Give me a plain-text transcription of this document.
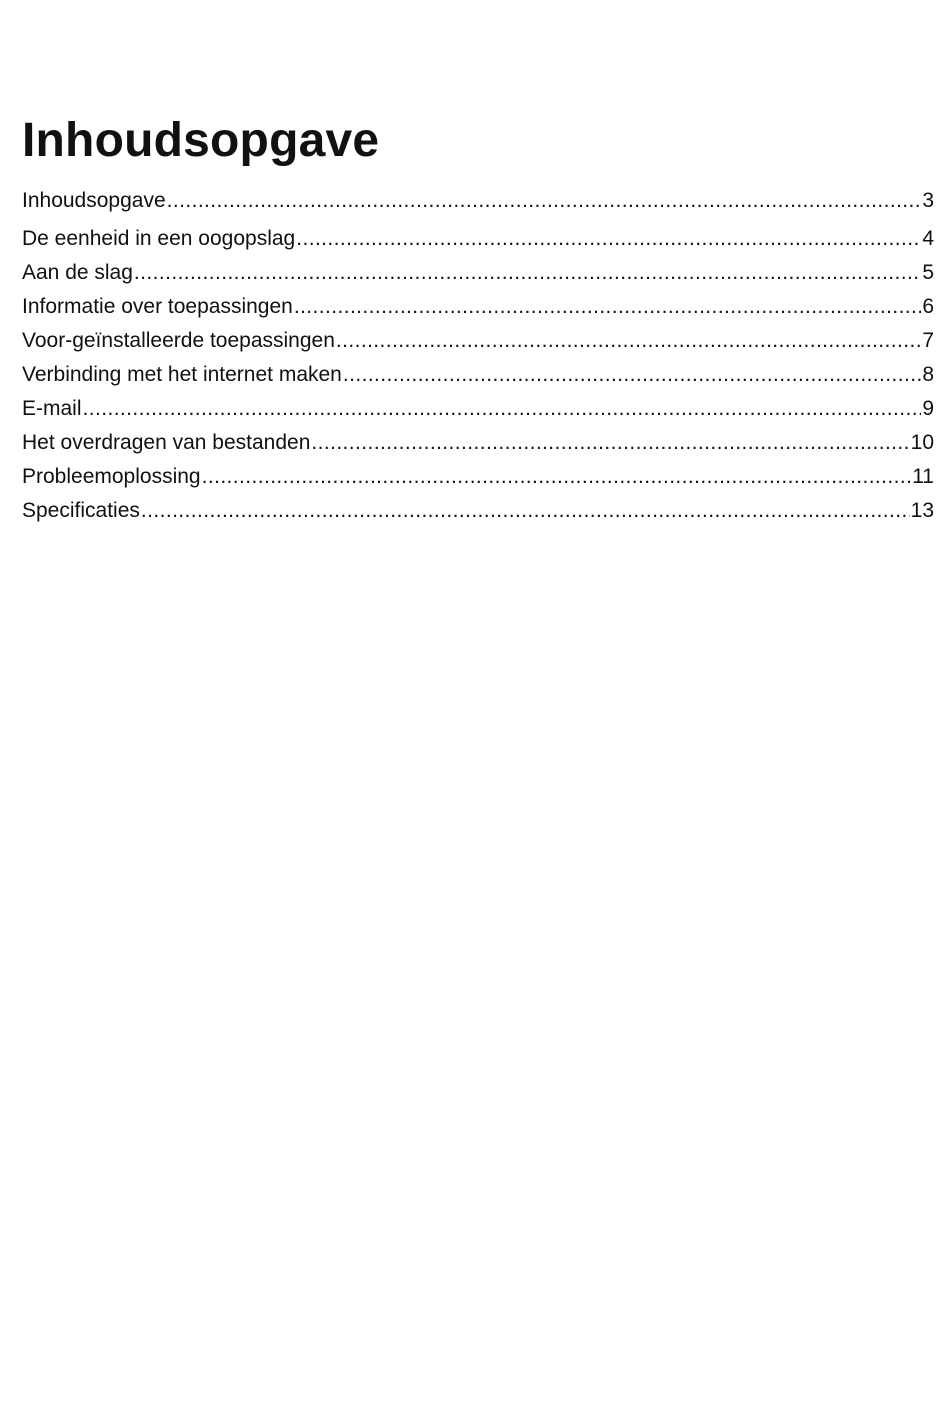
Inhoudsopgave
Inhoudsopgave .....	3
De eenheid in een oogopslag .....	4
Aan de slag .....	5
Informatie over toepassingen .....	6
Voor-geïnstalleerde toepassingen .....	7
Verbinding met het internet maken .....	8
E-mail .....	9
Het overdragen van bestanden .....	10
Probleemoplossing .....	11
Specificaties .....	13
